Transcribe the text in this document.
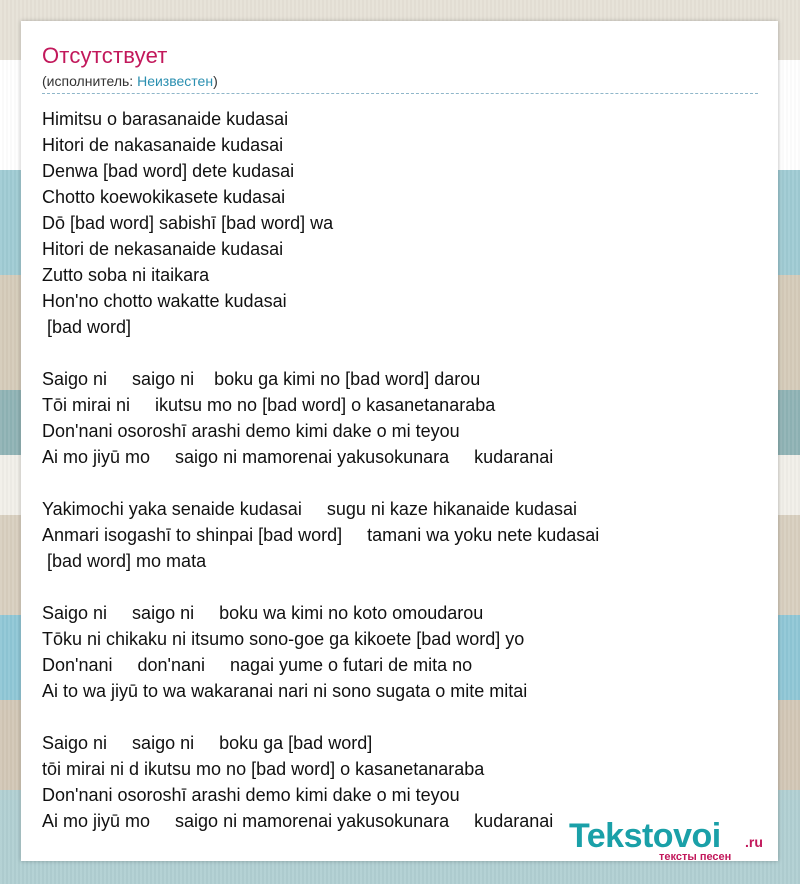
Отсутствует
(исполнитель: Неизвестен)
Himitsu o barasanaide kudasai
Hitori de nakasanaide kudasai
Denwa [bad word] dete kudasai
Chotto koewokikasete kudasai
Dō [bad word] sabishī [bad word] wa
Hitori de nekasanaide kudasai
Zutto soba ni itaikara
Hon'no chotto wakatte kudasai
[bad word]
Saigo ni     saigo ni    boku ga kimi no [bad word] darou
Tōi mirai ni     ikutsu mo no [bad word] o kasanetanaraba
Don'nani osoroshī arashi demo kimi dake o mi teyou
Ai mo jiyū mo     saigo ni mamorenai yakusokunara     kudaranai
Yakimochi yaka senaide kudasai     sugu ni kaze hikanaide kudasai
Anmari isogashī to shinpai [bad word]     tamani wa yoku nete kudasai
[bad word] mo mata
Saigo ni     saigo ni     boku wa kimi no koto omoudarou
Tōku ni chikaku ni itsumo sono-goe ga kikoete [bad word] yo
Don'nani     don'nani     nagai yume o futari de mita no
Ai to wa jiyū to wa wakaranai nari ni sono sugata o mite mitai
Saigo ni     saigo ni     boku ga [bad word]
tōi mirai ni d ikutsu mo no [bad word] o kasanetanaraba
Don'nani osoroshī arashi demo kimi dake o mi teyou
Ai mo jiyū mo     saigo ni mamorenai yakusokunara     kudaranai Tekstovoi .ru
тексты песен
